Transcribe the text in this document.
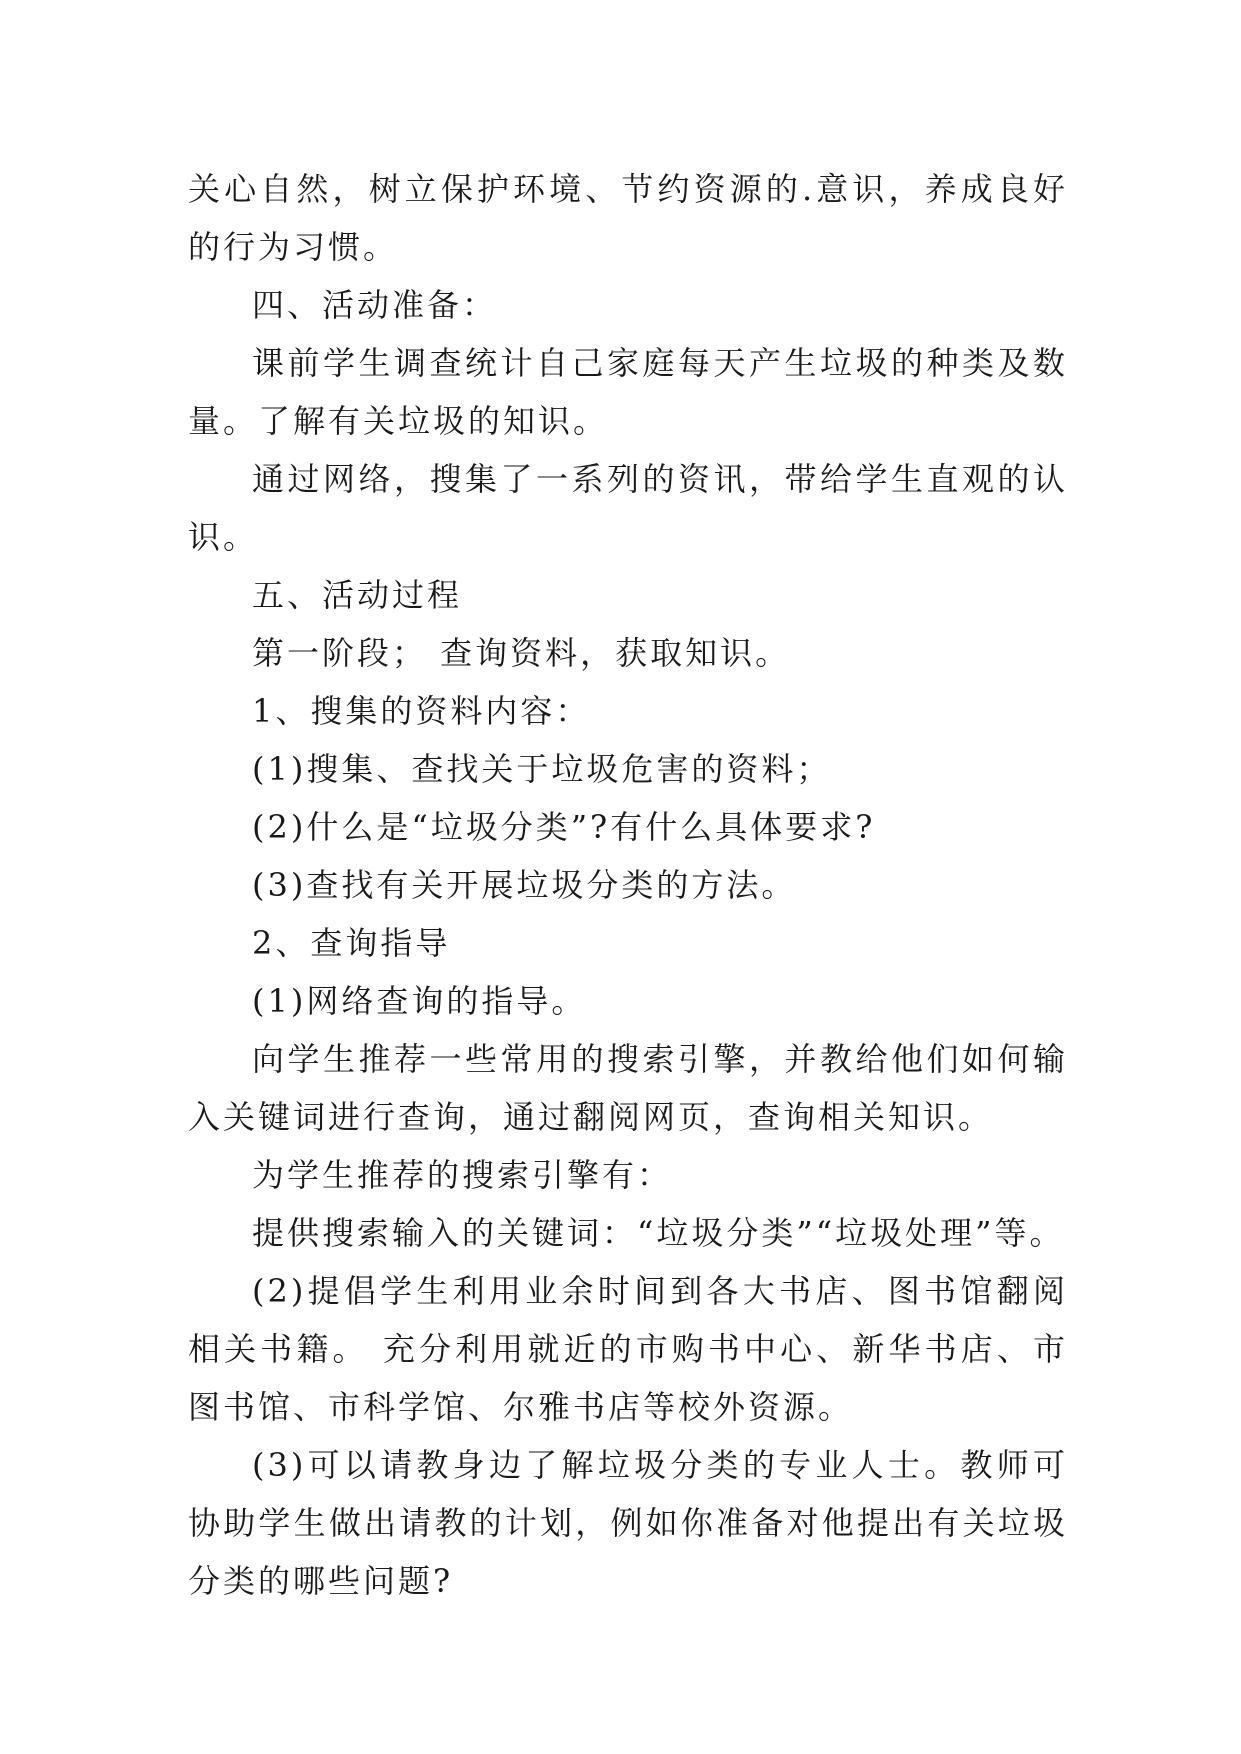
关心自然，树立保护环境、节约资源的.意识，养成良好的行为习惯。

四、活动准备：

课前学生调查统计自己家庭每天产生垃圾的种类及数量。了解有关垃圾的知识。

通过网络，搜集了一系列的资讯，带给学生直观的认识。

五、活动过程

第一阶段； 查询资料，获取知识。

1、搜集的资料内容：

(1)搜集、查找关于垃圾危害的资料；

(2)什么是“垃圾分类”?有什么具体要求?

(3)查找有关开展垃圾分类的方法。

2、查询指导

(1)网络查询的指导。

向学生推荐一些常用的搜索引擎，并教给他们如何输入关键词进行查询，通过翻阅网页，查询相关知识。

为学生推荐的搜索引擎有：

提供搜索输入的关键词：“垃圾分类”“垃圾处理”等。

(2)提倡学生利用业余时间到各大书店、图书馆翻阅相关书籍。 充分利用就近的市购书中心、新华书店、市图书馆、市科学馆、尔雅书店等校外资源。

(3)可以请教身边了解垃圾分类的专业人士。教师可协助学生做出请教的计划，例如你准备对他提出有关垃圾分类的哪些问题?
